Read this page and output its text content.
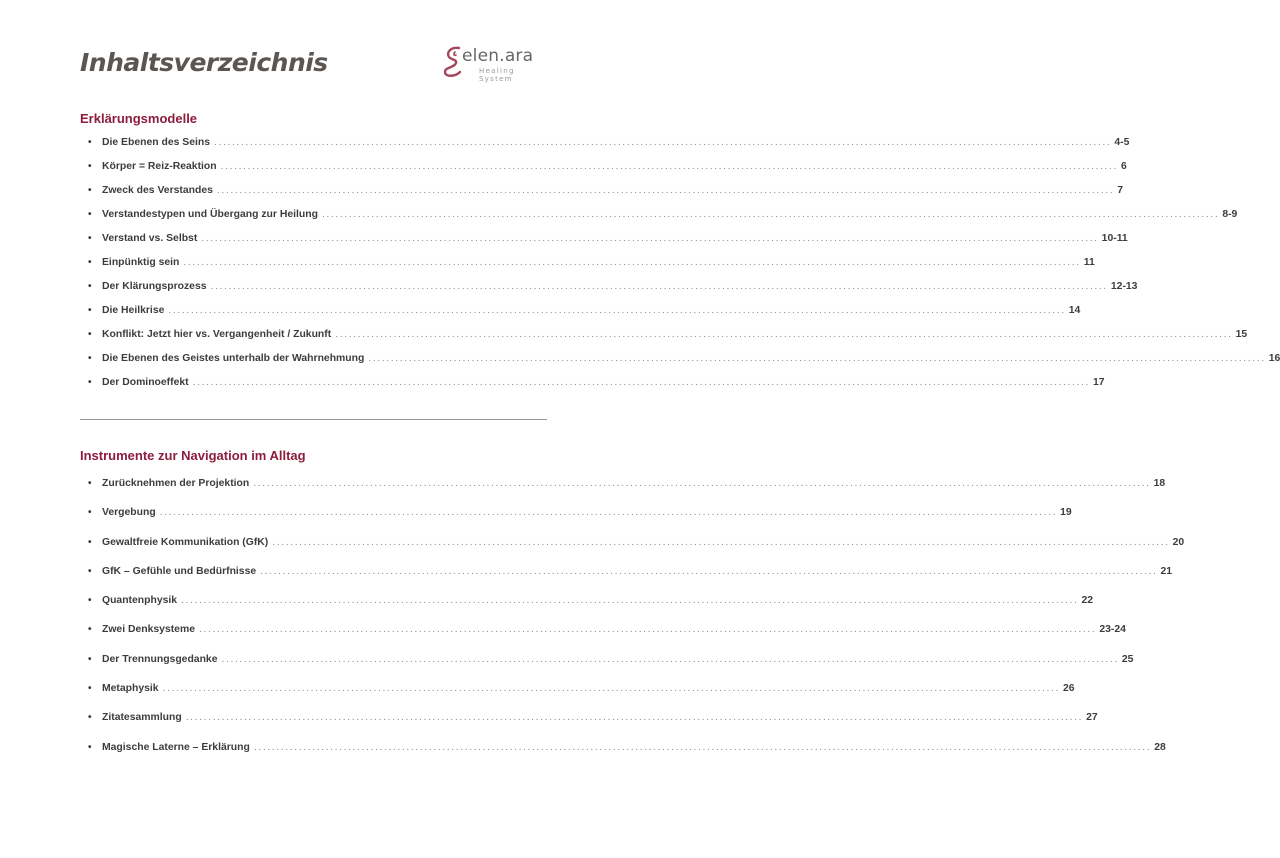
Inhaltsverzeichnis	elen.ara
Healing System
Erklärungsmodelle
•	Die Ebenen des Seins ........................................................................................................................................................................................................ 4-5
•	Körper = Reiz-Reaktion ........................................................................................................................................................................................................ 6
•	Zweck des Verstandes ........................................................................................................................................................................................................ 7
•	Verstandestypen und Übergang zur Heilung ........................................................................................................................................................................................................ 8-9
•	Verstand vs. Selbst ........................................................................................................................................................................................................ 10-11
•	Einpünktig sein ........................................................................................................................................................................................................ 11
•	Der Klärungsprozess ........................................................................................................................................................................................................ 12-13
•	Die Heilkrise ........................................................................................................................................................................................................ 14
•	Konflikt: Jetzt hier vs. Vergangenheit / Zukunft ........................................................................................................................................................................................................ 15
•	Die Ebenen des Geistes unterhalb der Wahrnehmung ........................................................................................................................................................................................................ 16
•	Der Dominoeffekt ........................................................................................................................................................................................................ 17
Instrumente zur Navigation im Alltag
•	Zurücknehmen der Projektion ........................................................................................................................................................................................................ 18
•	Vergebung ........................................................................................................................................................................................................ 19
•	Gewaltfreie Kommunikation (GfK) ........................................................................................................................................................................................................ 20
•	GfK – Gefühle und Bedürfnisse ........................................................................................................................................................................................................ 21
•	Quantenphysik ........................................................................................................................................................................................................ 22
•	Zwei Denksysteme ........................................................................................................................................................................................................ 23-24
•	Der Trennungsgedanke ........................................................................................................................................................................................................ 25
•	Metaphysik ........................................................................................................................................................................................................ 26
•	Zitatesammlung ........................................................................................................................................................................................................ 27
•	Magische Laterne – Erklärung ........................................................................................................................................................................................................ 28
